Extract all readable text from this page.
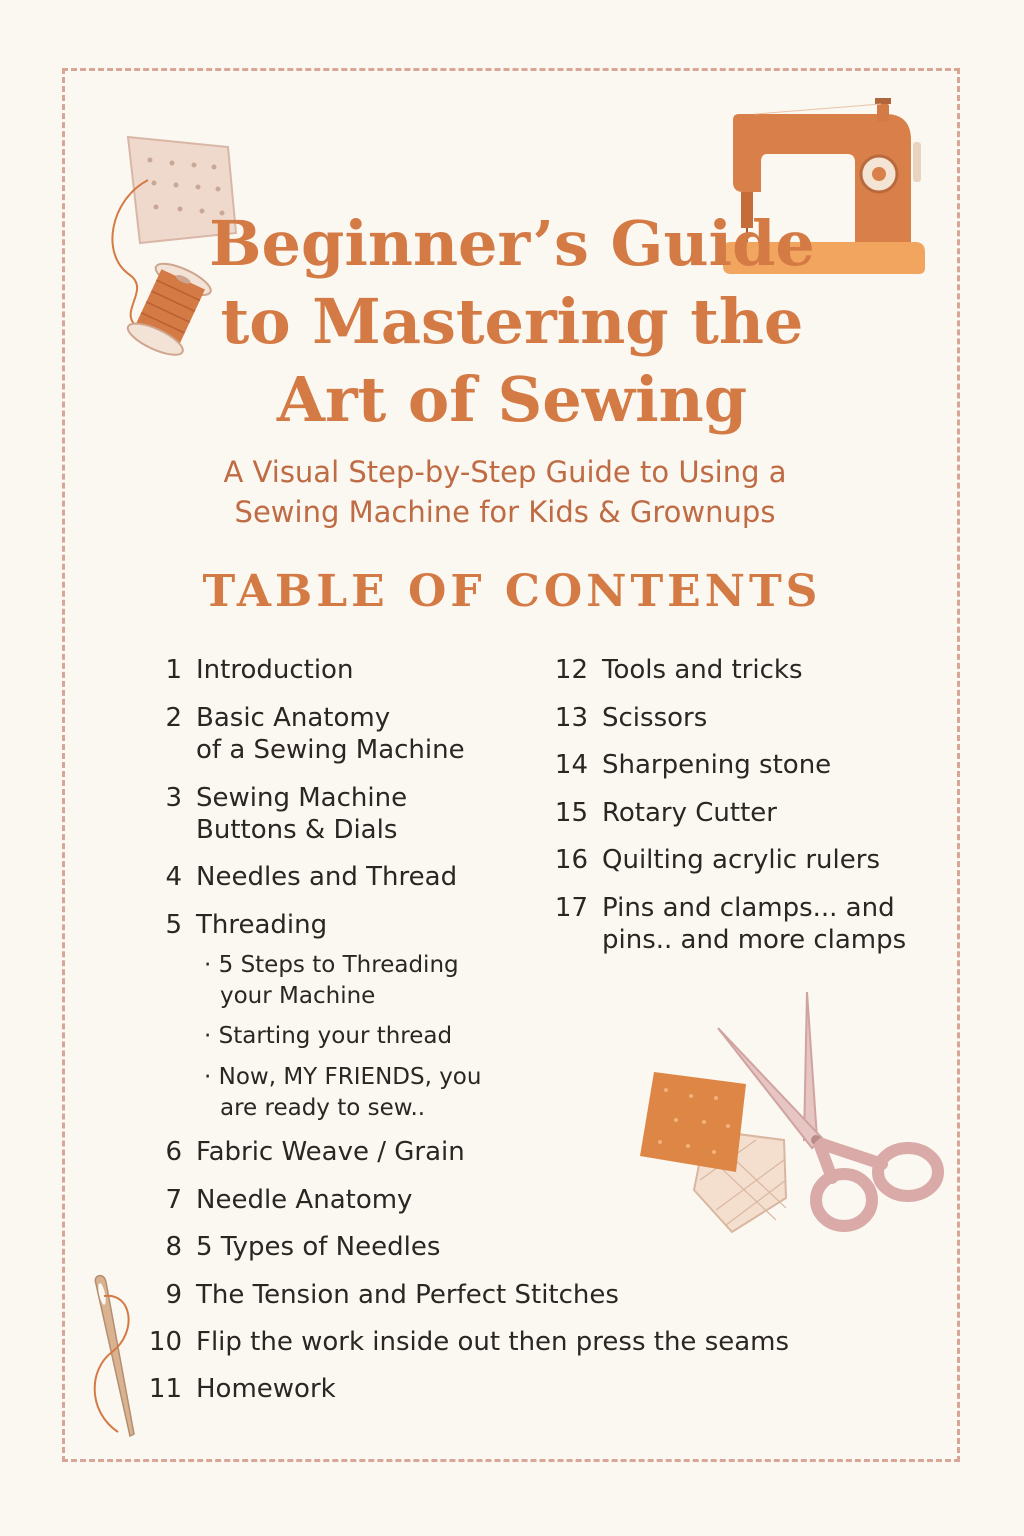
Beginner’s Guide
to Mastering the
Art of Sewing

A Visual Step-by-Step Guide to Using a
Sewing Machine for Kids & Grownups

TABLE OF CONTENTS
1 Introduction
2 Basic Anatomy
of a Sewing Machine
3 Sewing Machine
Buttons & Dials
4 Needles and Thread
5 Threading
6 Fabric Weave / Grain
7 Needle Anatomy
8 5 Types of Needles
9 The Tension and Perfect Stitches
10 Flip the work inside out then press the seams
11 Homework
· 5 Steps to Threading
your Machine
· Starting your thread
· Now, MY FRIENDS, you
are ready to sew..
12 Tools and tricks
13 Scissors
14 Sharpening stone
15 Rotary Cutter
16 Quilting acrylic rulers
17 Pins and clamps... and
pins.. and more clamps
